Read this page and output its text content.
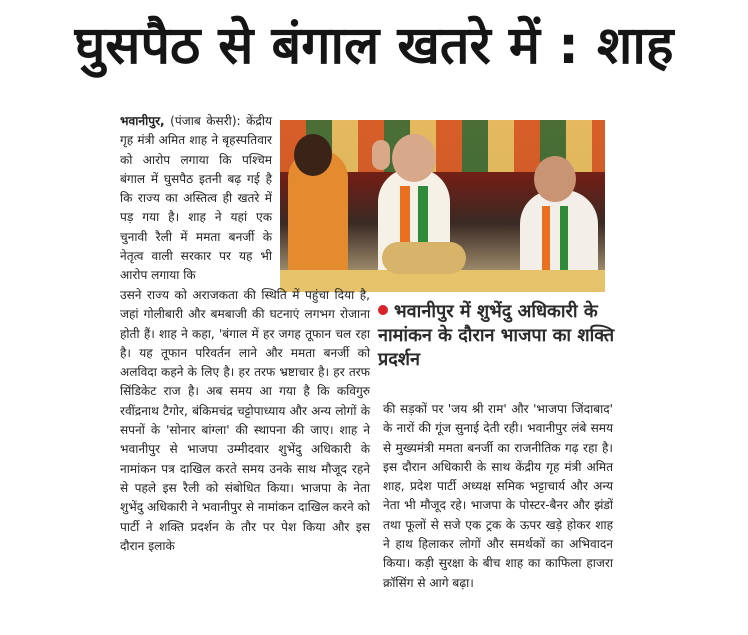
घुसपैठ से बंगाल खतरे में : शाह

भवानीपुर, (पंजाब केसरी): केंद्रीय गृह मंत्री अमित शाह ने बृहस्पतिवार को आरोप लगाया कि पश्चिम बंगाल में घुसपैठ इतनी बढ़ गई है कि राज्य का अस्तित्व ही खतरे में पड़ गया है। शाह ने यहां एक चुनावी रैली में ममता बनर्जी के नेतृत्व वाली सरकार पर यह भी आरोप लगाया कि

भवानीपुर में शुभेंदु अधिकारी के नामांकन के दौरान भाजपा का शक्ति प्रदर्शन

उसने राज्य को अराजकता की स्थिति में पहुंचा दिया है, जहां गोलीबारी और बमबाजी की घटनाएं लगभग रोजाना होती हैं। शाह ने कहा, 'बंगाल में हर जगह तूफान चल रहा है। यह तूफान परिवर्तन लाने और ममता बनर्जी को अलविदा कहने के लिए है। हर तरफ भ्रष्टाचार है। हर तरफ सिंडिकेट राज है। अब समय आ गया है कि कविगुरु रवींद्रनाथ टैगोर, बंकिमचंद्र चट्टोपाध्याय और अन्य लोगों के सपनों के 'सोनार बांग्ला' की स्थापना की जाए। शाह ने भवानीपुर से भाजपा उम्मीदवार शुभेंदु अधिकारी के नामांकन पत्र दाखिल करते समय उनके साथ मौजूद रहने से पहले इस रैली को संबोधित किया। भाजपा के नेता शुभेंदु अधिकारी ने भवानीपुर से नामांकन दाखिल करने को पार्टी ने शक्ति प्रदर्शन के तौर पर पेश किया और इस दौरान इलाके

की सड़कों पर 'जय श्री राम' और 'भाजपा जिंदाबाद' के नारों की गूंज सुनाई देती रही। भवानीपुर लंबे समय से मुख्यमंत्री ममता बनर्जी का राजनीतिक गढ़ रहा है। इस दौरान अधिकारी के साथ केंद्रीय गृह मंत्री अमित शाह, प्रदेश पार्टी अध्यक्ष समिक भट्टाचार्य और अन्य नेता भी मौजूद रहे। भाजपा के पोस्टर-बैनर और झंडों तथा फूलों से सजे एक ट्रक के ऊपर खड़े होकर शाह ने हाथ हिलाकर लोगों और समर्थकों का अभिवादन किया। कड़ी सुरक्षा के बीच शाह का काफिला हाजरा क्रॉसिंग से आगे बढ़ा।
